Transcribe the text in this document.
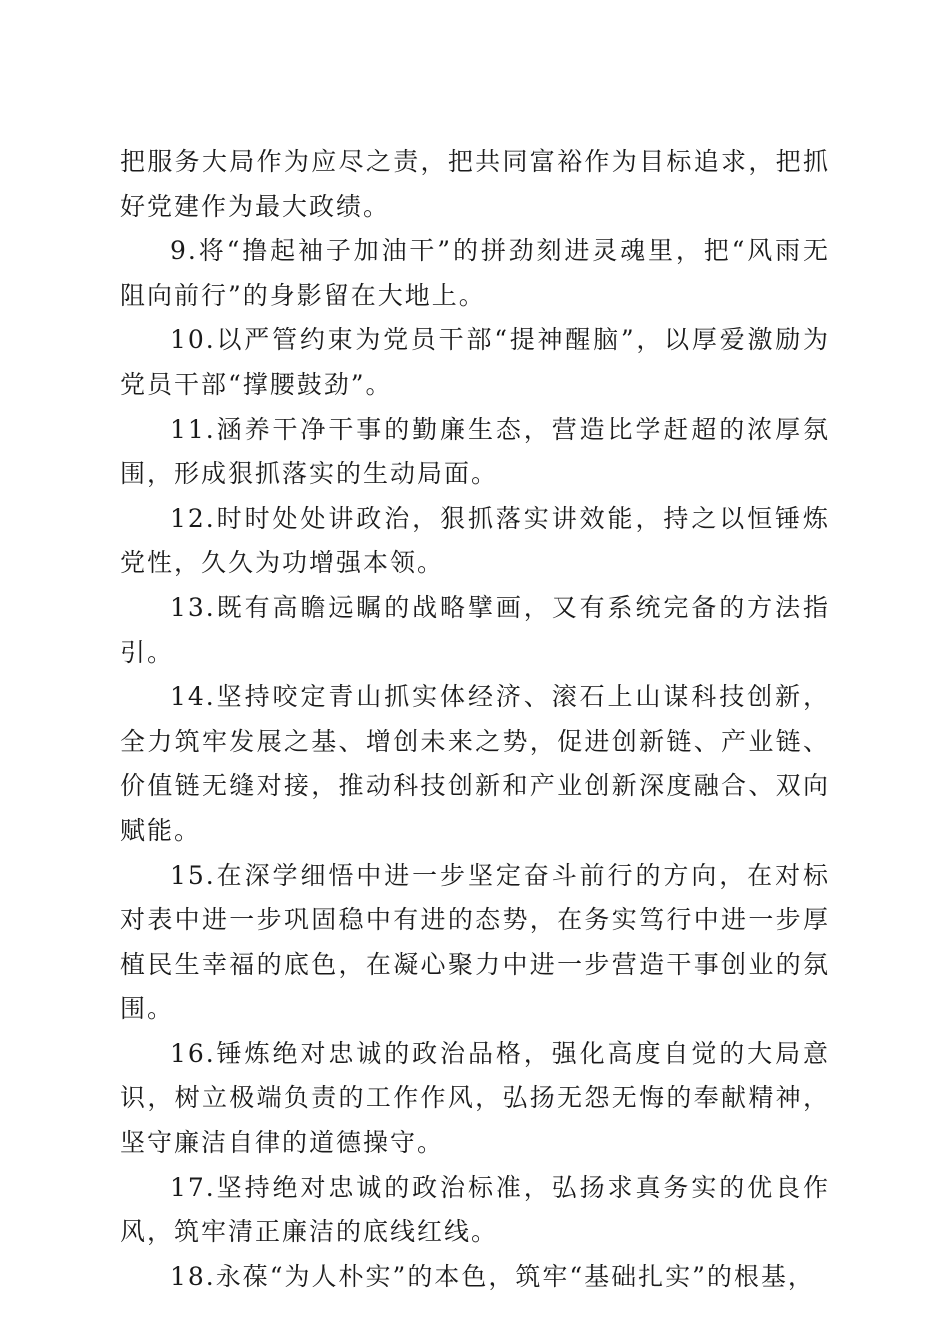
把服务大局作为应尽之责，把共同富裕作为目标追求，把抓好党建作为最大政绩。

9.将“撸起袖子加油干”的拼劲刻进灵魂里，把“风雨无阻向前行”的身影留在大地上。

10.以严管约束为党员干部“提神醒脑”，以厚爱激励为党员干部“撑腰鼓劲”。

11.涵养干净干事的勤廉生态，营造比学赶超的浓厚氛围，形成狠抓落实的生动局面。

12.时时处处讲政治，狠抓落实讲效能，持之以恒锤炼党性，久久为功增强本领。

13.既有高瞻远瞩的战略擘画，又有系统完备的方法指引。

14.坚持咬定青山抓实体经济、滚石上山谋科技创新，全力筑牢发展之基、增创未来之势，促进创新链、产业链、价值链无缝对接，推动科技创新和产业创新深度融合、双向赋能。

15.在深学细悟中进一步坚定奋斗前行的方向，在对标对表中进一步巩固稳中有进的态势，在务实笃行中进一步厚植民生幸福的底色，在凝心聚力中进一步营造干事创业的氛围。

16.锤炼绝对忠诚的政治品格，强化高度自觉的大局意识，树立极端负责的工作作风，弘扬无怨无悔的奉献精神，坚守廉洁自律的道德操守。

17.坚持绝对忠诚的政治标准，弘扬求真务实的优良作风，筑牢清正廉洁的底线红线。

18.永葆“为人朴实”的本色，筑牢“基础扎实”的根基，
